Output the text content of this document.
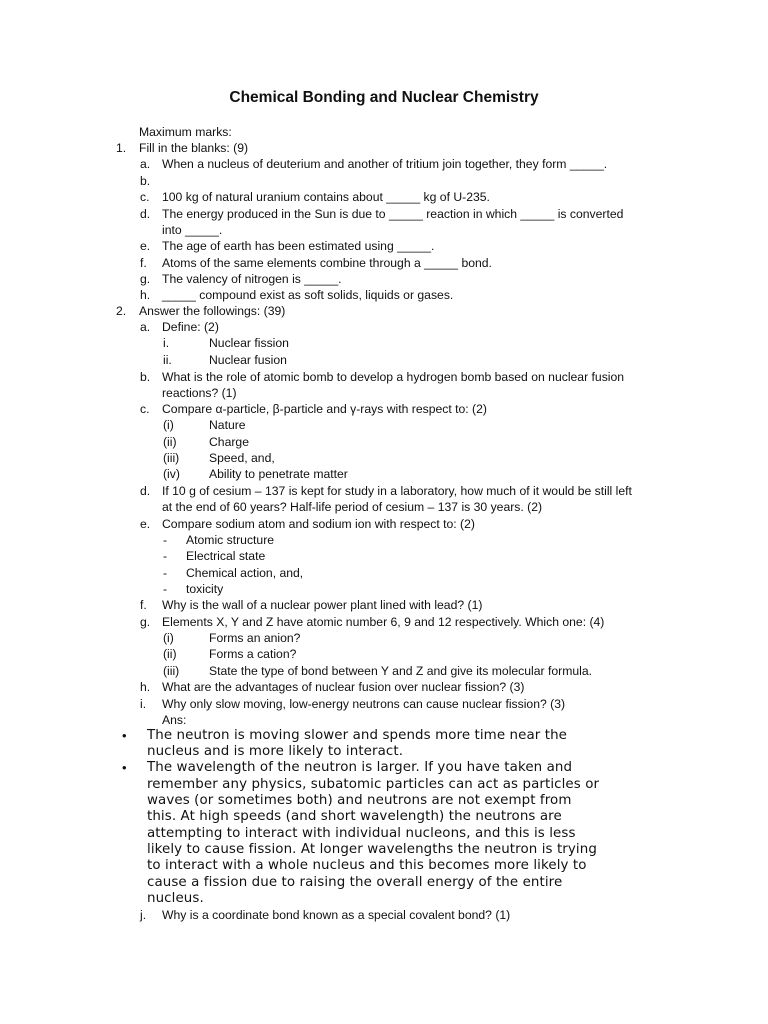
Chemical Bonding and Nuclear Chemistry
Maximum marks:
1. Fill in the blanks: (9)
a. When a nucleus of deuterium and another of tritium join together, they form _____.
b.
c. 100 kg of natural uranium contains about _____ kg of U-235.
d. The energy produced in the Sun is due to _____ reaction in which _____ is converted
into _____.
e. The age of earth has been estimated using _____.
f. Atoms of the same elements combine through a _____ bond.
g. The valency of nitrogen is _____.
h. _____ compound exist as soft solids, liquids or gases.
2. Answer the followings: (39)
a. Define: (2)
i.	Nuclear fission
ii.	Nuclear fusion
b. What is the role of atomic bomb to develop a hydrogen bomb based on nuclear fusion
reactions? (1)
c. Compare α-particle, β-particle and γ-rays with respect to: (2)
(i)	Nature
(ii)	Charge
(iii) Speed, and,
(iv) Ability to penetrate matter
d. If 10 g of cesium – 137 is kept for study in a laboratory, how much of it would be still left
at the end of 60 years? Half-life period of cesium – 137 is 30 years. (2)
e. Compare sodium atom and sodium ion with respect to: (2)
- Atomic structure
- Electrical state
- Chemical action, and,
- toxicity
f. Why is the wall of a nuclear power plant lined with lead? (1)
g. Elements X, Y and Z have atomic number 6, 9 and 12 respectively. Which one: (4)
(i)	Forms an anion?
(ii)	Forms a cation?
(iii) State the type of bond between Y and Z and give its molecular formula.
h. What are the advantages of nuclear fusion over nuclear fission? (3)
i. Why only slow moving, low-energy neutrons can cause nuclear fission? (3)
Ans:
• The neutron is moving slower and spends more time near the
nucleus and is more likely to interact.
• The wavelength of the neutron is larger. If you have taken and
remember any physics, subatomic particles can act as particles or
waves (or sometimes both) and neutrons are not exempt from
this. At high speeds (and short wavelength) the neutrons are
attempting to interact with individual nucleons, and this is less
likely to cause fission. At longer wavelengths the neutron is trying
to interact with a whole nucleus and this becomes more likely to
cause a fission due to raising the overall energy of the entire
nucleus.
j. Why is a coordinate bond known as a special covalent bond? (1)
